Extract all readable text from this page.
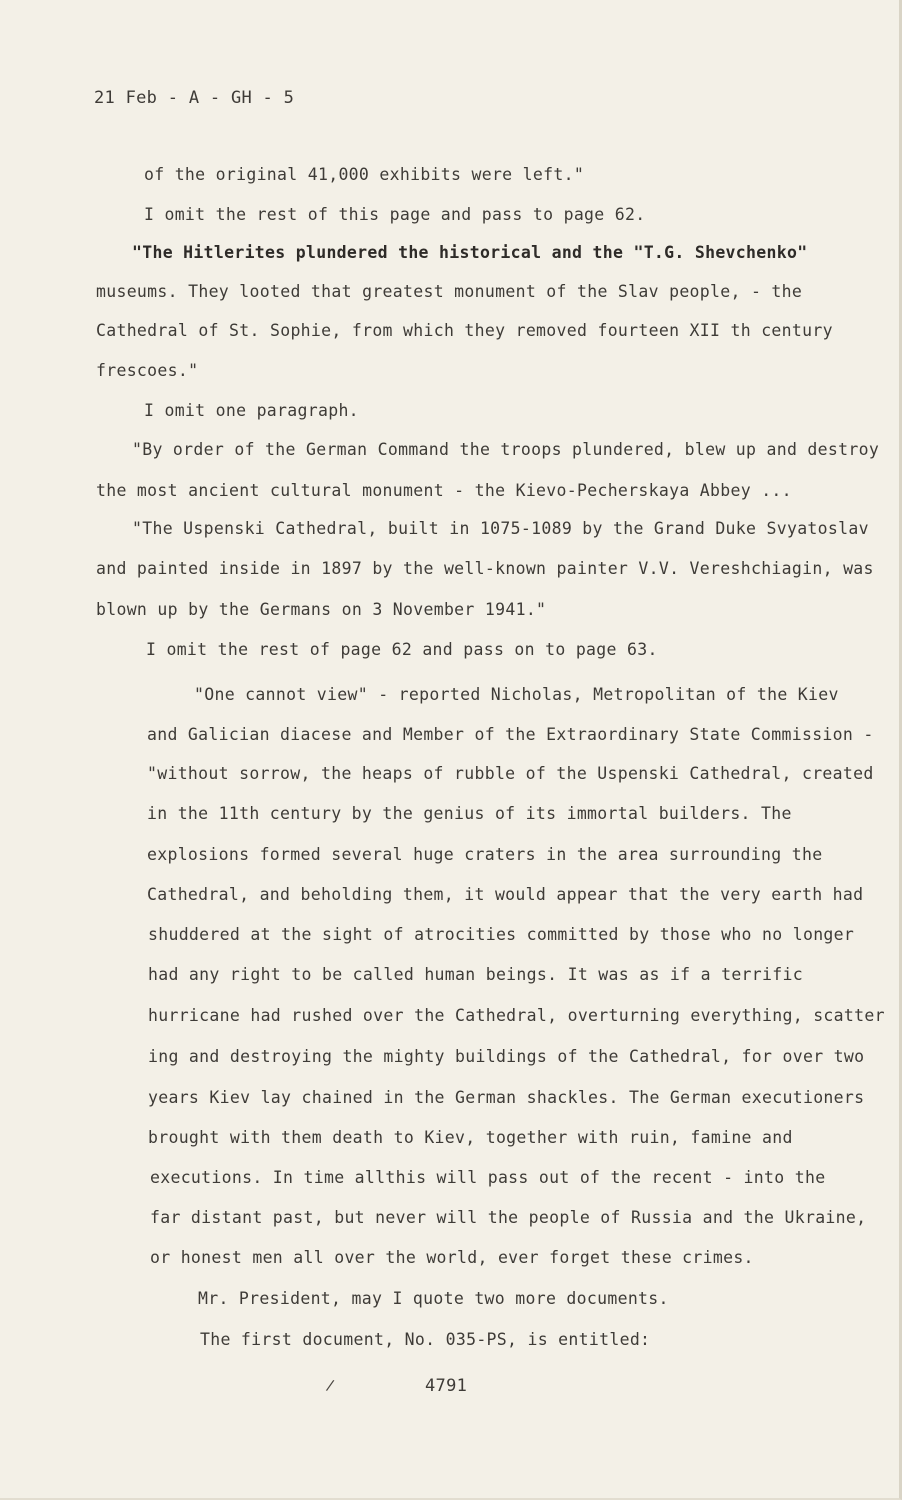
21 Feb - A - GH - 5
of the original 41,000 exhibits were left."
I omit the rest of this page and pass to page 62.
"The Hitlerites plundered the historical and the "T.G. Shevchenko"
museums. They looted that greatest monument of the Slav people, - the
Cathedral of St. Sophie, from which they removed fourteen XII th century
frescoes."
I omit one paragraph.
"By order of the German Command the troops plundered, blew up and destroy
the most ancient cultural monument - the Kievo-Pecherskaya Abbey ...
"The Uspenski Cathedral, built in 1075-1089 by the Grand Duke Svyatoslav
and painted inside in 1897 by the well-known painter V.V. Vereshchiagin, was
blown up by the Germans on 3 November 1941."
I omit the rest of page 62 and pass on to page 63.
"One cannot view" - reported Nicholas, Metropolitan of the Kiev
and Galician diacese and Member of the Extraordinary State Commission -
"without sorrow, the heaps of rubble of the Uspenski Cathedral, created
in the 11th century by the genius of its immortal builders. The
explosions formed several huge craters in the area surrounding the
Cathedral, and beholding them, it would appear that the very earth had
shuddered at the sight of atrocities committed by those who no longer
had any right to be called human beings. It was as if a terrific
hurricane had rushed over the Cathedral, overturning everything, scatter
ing and destroying the mighty buildings of the Cathedral, for over two
years Kiev lay chained in the German shackles. The German executioners
brought with them death to Kiev, together with ruin, famine and
executions. In time allthis will pass out of the recent - into the
far distant past, but never will the people of Russia and the Ukraine,
or honest men all over the world, ever forget these crimes.
Mr. President, may I quote two more documents.
The first document, No. 035-PS, is entitled:
/	4791
